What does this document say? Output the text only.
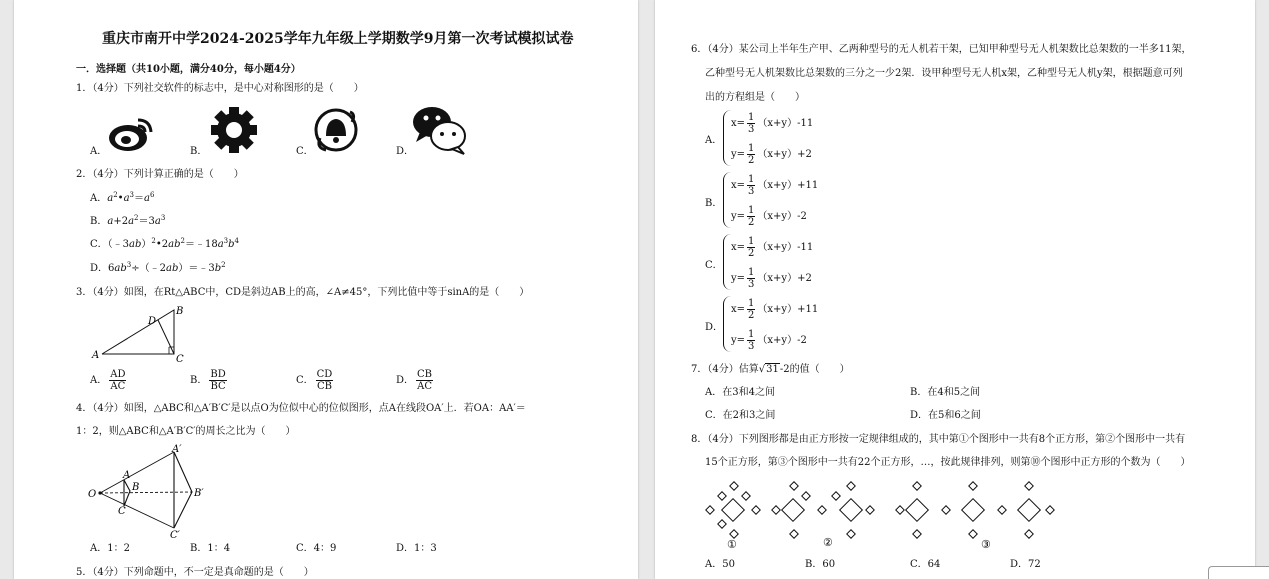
重庆市南开中学2024-2025学年九年级上学期数学9月第一次考试模拟试卷
一．选择题（共10小题，满分40分，每小题4分）
1．（4分）下列社交软件的标志中，是中心对称图形的是（　　）
A．	B．	C．	D．
2．（4分）下列计算正确的是（　　）
A．$a^2•a^3=a^6$
B．$a+2a^2=3a^3$
C．$(﹣3ab)^2•2ab^2=﹣18a^3b^4$
D．$6ab^3\div(﹣2ab)=﹣3b^2$
3．（4分）如图，在Rt△ABC中，CD是斜边AB上的高，∠A≠45°，下列比值中等于sinA的是（　　）
A
B
C
D
A． $\frac{AD}{AC}$	B． $\frac{BD}{BC}$	C． $\frac{CD}{CB}$	D． $\frac{CB}{AC}$
4．（4分）如图，△ABC和△A′B′C′是以点O为位似中心的位似图形，点A在线段OA′上．若OA：AA′＝
1：2，则△ABC和△A′B′C′的周长之比为（　　）
O
A
B
C
A′
B′
C′
A．1：2	B．1：4	C．4：9	D．1：3
5．（4分）下列命题中，不一定是真命题的是（　　）
6．（4分）某公司上半年生产甲、乙两种型号的无人机若干架，已知甲种型号无人机架数比总架数的一半多11架，
乙种型号无人机架数比总架数的三分之一少2架．设甲种型号无人机x架，乙种型号无人机y架，根据题意可列
出的方程组是（　　）
A．
$x= \frac{1}{3} (x+y)-11$
$y= \frac{1}{2} (x+y)+2$
B．
$x= \frac{1}{3} (x+y)+11$
$y= \frac{1}{2} (x+y)-2$
C．
$x= \frac{1}{2} (x+y)-11$
$y= \frac{1}{3} (x+y)+2$
D．
$x= \frac{1}{2} (x+y)+11$
$y= \frac{1}{3} (x+y)-2$
7．（4分）估算√31-2的值（　　）
A．在3和4之间	B．在4和5之间
C．在2和3之间	D．在5和6之间
8．（4分）下列图形都是由正方形按一定规律组成的，其中第①个图形中一共有8个正方形，第②个图形中一共有
15个正方形，第③个图形中一共有22个正方形，…，按此规律排列，则第⑩个图形中正方形的个数为（　　）
①	②	③
A．50	B．60	C．64	D．72
